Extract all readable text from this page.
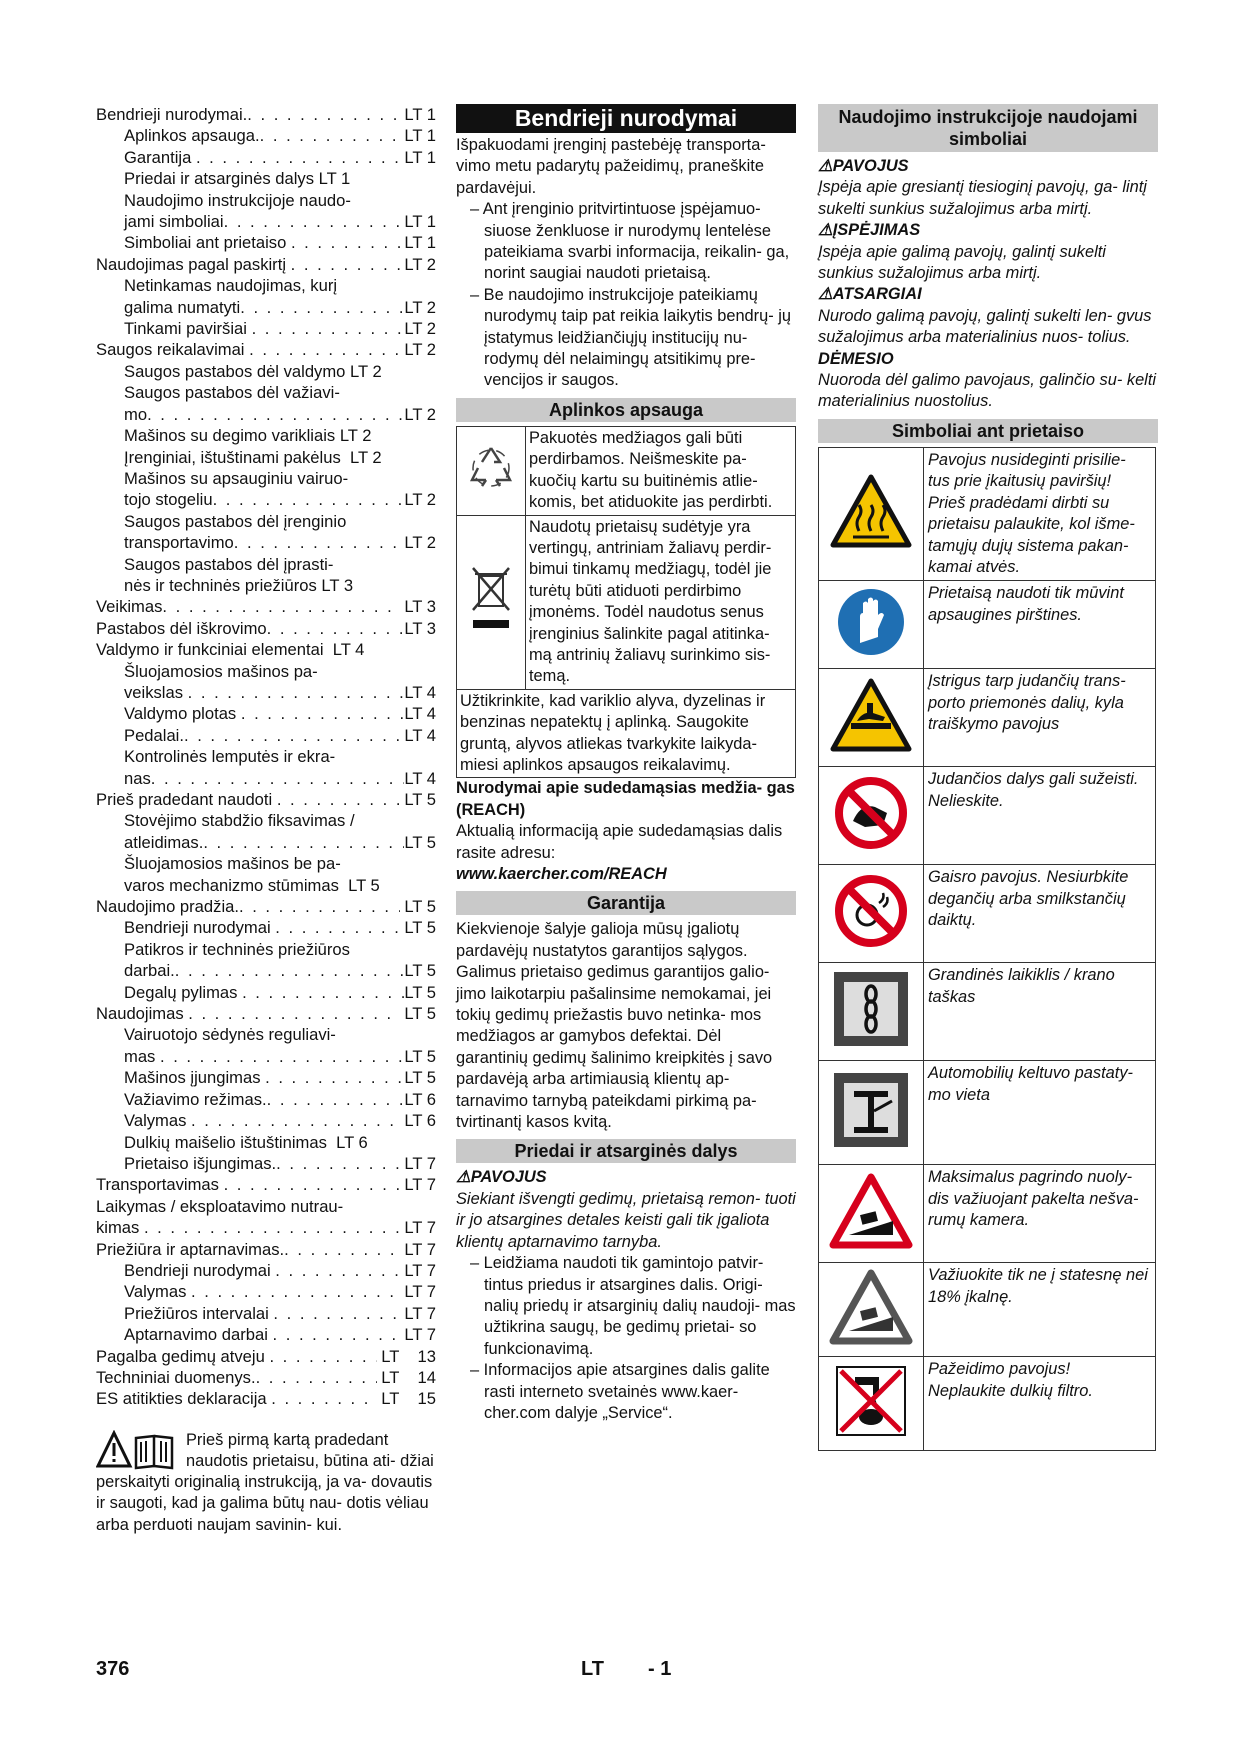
Bendrieji nurodymai. . . .	LT 1
Aplinkos apsauga. . . .	LT 1
Garantija . . .	LT 1
Priedai ir atsarginės dalys LT 1
Naudojimo instrukcijoje naudo-
jami simboliai . . .	LT 1
Simboliai ant prietaiso . . .	LT 1
Naudojimas pagal paskirtį . . .	LT 2
Netinkamas naudojimas, kurį
galima numatyti . . .	LT 2
Tinkami paviršiai . . .	LT 2
Saugos reikalavimai . . .	LT 2
Saugos pastabos dėl valdymo LT 2
Saugos pastabos dėl važiavi-
mo . . .	LT 2
Mašinos su degimo varikliais LT 2
Įrenginiai, ištuštinami pakėlus LT 2
Mašinos su apsauginiu vairuo-
tojo stogeliu . . .	LT 2
Saugos pastabos dėl įrenginio
transportavimo . . .	LT 2
Saugos pastabos dėl įprasti-
nės ir techninės priežiūros LT 3
Veikimas . . .	LT 3
Pastabos dėl iškrovimo . . .	LT 3
Valdymo ir funkciniai elementai LT 4
Šluojamosios mašinos pa-
veikslas . . .	LT 4
Valdymo plotas . . .	LT 4
Pedalai. . . .	LT 4
Kontrolinės lemputės ir ekra-
nas . . .	LT 4
Prieš pradedant naudoti . . .	LT 5
Stovėjimo stabdžio fiksavimas /
atleidimas. . . .	LT 5
Šluojamosios mašinos be pa-
varos mechanizmo stūmimas LT 5
Naudojimo pradžia. . . .	LT 5
Bendrieji nurodymai . . .	LT 5
Patikros ir techninės priežiūros
darbai. . . .	LT 5
Degalų pylimas . . .	LT 5
Naudojimas . . .	LT 5
Vairuotojo sėdynės reguliavi-
mas . . .	LT 5
Mašinos įjungimas . . .	LT 5
Važiavimo režimas. . . .	LT 6
Valymas . . .	LT 6
Dulkių maišelio ištuštinimas LT 6
Prietaiso išjungimas. . . .	LT 7
Transportavimas . . .	LT 7
Laikymas / eksploatavimo nutrau-
kimas . . .	LT 7
Priežiūra ir aptarnavimas. . . .	LT 7
Bendrieji nurodymai . . .	LT 7
Valymas . . .	LT 7
Priežiūros intervalai . . .	LT 7
Aptarnavimo darbai . . .	LT 7
Pagalba gedimų atveju . . .	LT    13
Techniniai duomenys. . . .	LT    14
ES atitikties deklaracija . . .	LT    15
Prieš pirmą kartą pradedant naudotis prietaisu, būtina ati- džiai perskaityti originalią instrukciją, ja va- dovautis ir saugoti, kad ja galima būtų nau- dotis vėliau arba perduoti naujam savinin- kui.
Bendrieji nurodymai

Išpakuodami įrenginį pastebėję transporta- vimo metu padarytų pažeidimų, praneškite pardavėjui.

– Ant įrenginio pritvirtintuose įspėjamuo- siuose ženkluose ir nurodymų lentelėse pateikiama svarbi informacija, reikalin- ga, norint saugiai naudoti prietaisą.

– Be naudojimo instrukcijoje pateikiamų nurodymų taip pat reikia laikytis bendrų- jų įstatymus leidžiančiųjų institucijų nu- rodymų dėl nelaimingų atsitikimų pre- vencijos ir saugos.

Aplinkos apsauga
	Pakuotės medžiagos gali būti perdirbamos. Neišmeskite pa- kuočių kartu su buitinėmis atlie- komis, bet atiduokite jas perdirbti.
	Naudotų prietaisų sudėtyje yra vertingų, antriniam žaliavų perdir- bimui tinkamų medžiagų, todėl jie turėtų būti atiduoti perdirbimo įmonėms. Todėl naudotus senus įrenginius šalinkite pagal atitinka- mą antrinių žaliavų surinkimo sis- temą.
Užtikrinkite, kad variklio alyva, dyzelinas ir benzinas nepatektų į aplinką. Saugokite gruntą, alyvos atliekas tvarkykite laikyda- miesi aplinkos apsaugos reikalavimų.	

Nurodymai apie sudedamąsias medžia- gas (REACH)

Aktualią informaciją apie sudedamąsias dalis rasite adresu:

www.kaercher.com/REACH

Garantija

Kiekvienoje šalyje galioja mūsų įgaliotų pardavėjų nustatytos garantijos sąlygos. Galimus prietaiso gedimus garantijos galio- jimo laikotarpiu pašalinsime nemokamai, jei tokių gedimų priežastis buvo netinka- mos medžiagos ar gamybos defektai. Dėl garantinių gedimų šalinimo kreipkitės į savo pardavėją arba artimiausią klientų ap- tarnavimo tarnybą pateikdami pirkimą pa- tvirtinantį kasos kvitą.

Priedai ir atsarginės dalys

⚠PAVOJUS

Siekiant išvengti gedimų, prietaisą remon- tuoti ir jo atsargines detales keisti gali tik įgaliota klientų aptarnavimo tarnyba.

– Leidžiama naudoti tik gamintojo patvir- tintus priedus ir atsargines dalis. Origi- nalių priedų ir atsarginių dalių naudoji- mas užtikrina saugų, be gedimų prietai- so funkcionavimą.

– Informacijos apie atsargines dalis galite rasti interneto svetainės www.kaer- cher.com dalyje „Service“.

Naudojimo instrukcijoje naudojami simboliai

⚠PAVOJUS

Įspėja apie gresiantį tiesioginį pavojų, ga- lintį sukelti sunkius sužalojimus arba mirtį.

⚠ĮSPĖJIMAS

Įspėja apie galimą pavojų, galintį sukelti sunkius sužalojimus arba mirtį.

⚠ATSARGIAI

Nurodo galimą pavojų, galintį sukelti len- gvus sužalojimus arba materialinius nuos- tolius.

DĖMESIO

Nuoroda dėl galimo pavojaus, galinčio su- kelti materialinius nuostolius.

Simboliai ant prietaiso
	Pavojus nusideginti prisilie- tus prie įkaitusių paviršių! Prieš pradėdami dirbti su prietaisu palaukite, kol išme- tamųjų dujų sistema pakan- kamai atvės.
	Prietaisą naudoti tik mūvint apsaugines pirštines.
	Įstrigus tarp judančių trans- porto priemonės dalių, kyla traiškymo pavojus
	Judančios dalys gali sužeisti. Nelieskite.
	Gaisro pavojus. Nesiurbkite degančių arba smilkstančių daiktų.
	Grandinės laikiklis / krano taškas
	Automobilių keltuvo pastaty- mo vieta
	Maksimalus pagrindo nuoly- dis važiuojant pakelta nešva- rumų kamera.
	Važiuokite tik ne į statesnę nei 18% įkalnę.
	Pažeidimo pavojus! Neplaukite dulkių filtro.
376	LT - 1
